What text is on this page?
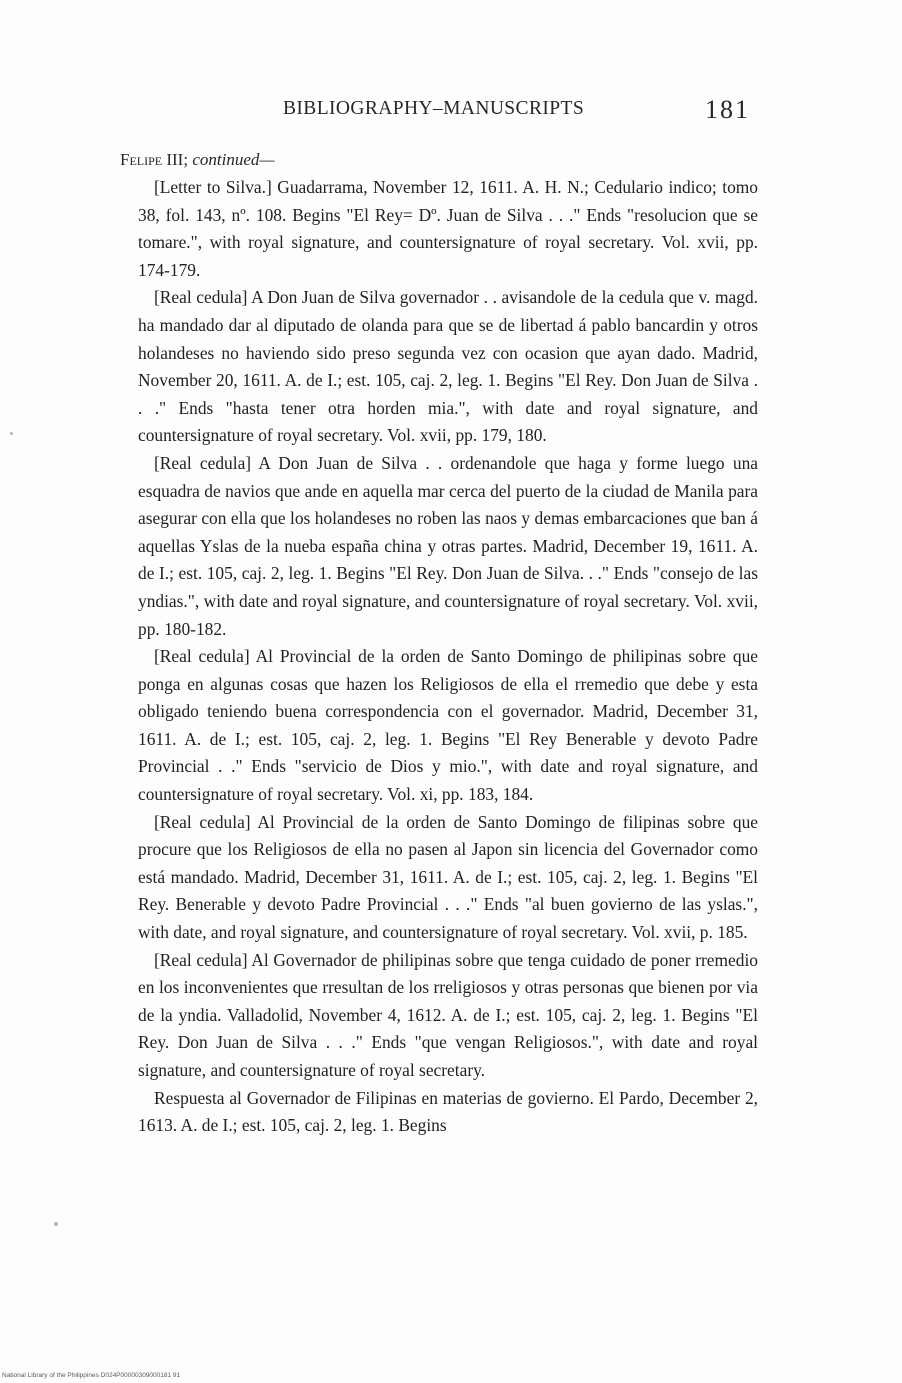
BIBLIOGRAPHY–MANUSCRIPTS	181
Felipe III; continued—

[Letter to Silva.] Guadarrama, November 12, 1611. A. H. N.; Cedulario indico; tomo 38, fol. 143, nº. 108. Begins "El Rey= Dº. Juan de Silva . . ." Ends "resolucion que se tomare.", with royal signature, and countersignature of royal secretary. Vol. xvii, pp. 174-179.

[Real cedula] A Don Juan de Silva governador . . avisandole de la cedula que v. magd. ha mandado dar al diputado de olanda para que se de libertad á pablo bancardin y otros holandeses no haviendo sido preso segunda vez con ocasion que ayan dado. Madrid, November 20, 1611. A. de I.; est. 105, caj. 2, leg. 1. Begins "El Rey. Don Juan de Silva . . ." Ends "hasta tener otra horden mia.", with date and royal signature, and countersignature of royal secretary. Vol. xvii, pp. 179, 180.

[Real cedula] A Don Juan de Silva . . ordenandole que haga y forme luego una esquadra de navios que ande en aquella mar cerca del puerto de la ciudad de Manila para asegurar con ella que los holandeses no roben las naos y demas embarcaciones que ban á aquellas Yslas de la nueba españa china y otras partes. Madrid, December 19, 1611. A. de I.; est. 105, caj. 2, leg. 1. Begins "El Rey. Don Juan de Silva. . ." Ends "consejo de las yndias.", with date and royal signature, and countersignature of royal secretary. Vol. xvii, pp. 180-182.

[Real cedula] Al Provincial de la orden de Santo Domingo de philipinas sobre que ponga en algunas cosas que hazen los Religiosos de ella el rremedio que debe y esta obligado teniendo buena correspondencia con el governador. Madrid, December 31, 1611. A. de I.; est. 105, caj. 2, leg. 1. Begins "El Rey Benerable y devoto Padre Provincial . ." Ends "servicio de Dios y mio.", with date and royal signature, and countersignature of royal secretary. Vol. xi, pp. 183, 184.

[Real cedula] Al Provincial de la orden de Santo Domingo de filipinas sobre que procure que los Religiosos de ella no pasen al Japon sin licencia del Governador como está mandado. Madrid, December 31, 1611. A. de I.; est. 105, caj. 2, leg. 1. Begins "El Rey. Benerable y devoto Padre Provincial . . ." Ends "al buen govierno de las yslas.", with date, and royal signature, and countersignature of royal secretary. Vol. xvii, p. 185.

[Real cedula] Al Governador de philipinas sobre que tenga cuidado de poner rremedio en los inconvenientes que rresultan de los rreligiosos y otras personas que bienen por via de la yndia. Valladolid, November 4, 1612. A. de I.; est. 105, caj. 2, leg. 1. Begins "El Rey. Don Juan de Silva . . ." Ends "que vengan Religiosos.", with date and royal signature, and countersignature of royal secretary.

Respuesta al Governador de Filipinas en materias de govierno. El Pardo, December 2, 1613. A. de I.; est. 105, caj. 2, leg. 1. Begins

National Library of the Philippines D024P00000309000181 91
